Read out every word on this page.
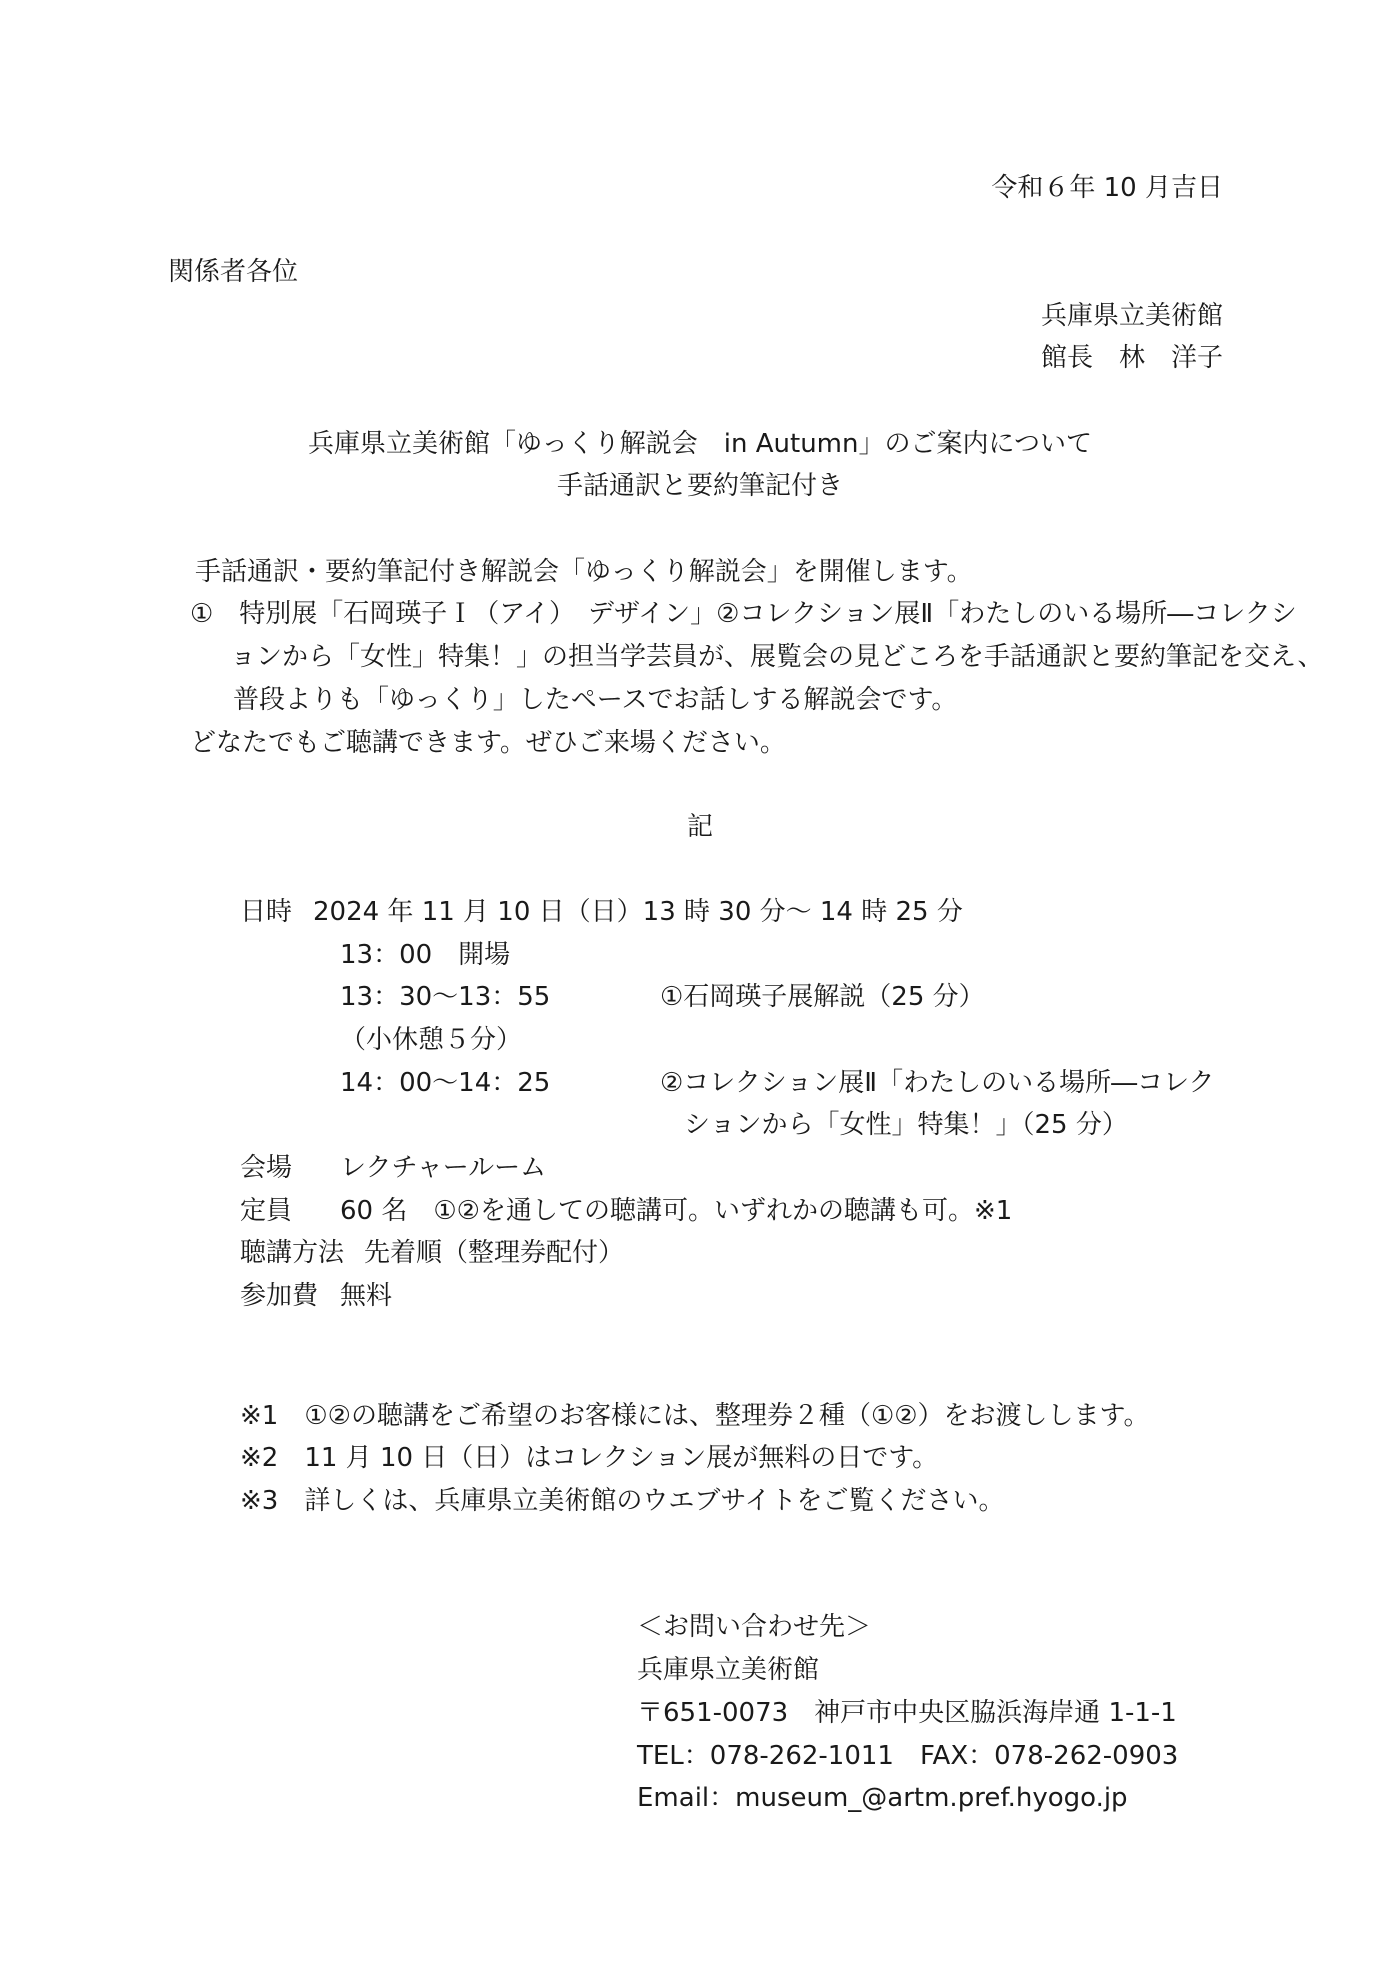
令和６年 10 月吉日
関係者各位
兵庫県立美術館
館長　林　洋子
兵庫県立美術館「ゆっくり解説会　in Autumn」のご案内について
手話通訳と要約筆記付き
手話通訳・要約筆記付き解説会「ゆっくり解説会」を開催します。
①　特別展「石岡瑛子Ｉ（アイ）　デザイン」②コレクション展Ⅱ「わたしのいる場所―コレクシ
ョンから「女性」特集！」の担当学芸員が、展覧会の見どころを手話通訳と要約筆記を交え、
普段よりも「ゆっくり」したペースでお話しする解説会です。
どなたでもご聴講できます。ぜひご来場ください。
記
日時 2024 年 11 月 10 日（日）13 時 30 分～ 14 時 25 分
13：00　開場
13：30～13：55	①石岡瑛子展解説（25 分）
（小休憩５分）
14：00～14：25	②コレクション展Ⅱ「わたしのいる場所―コレク
ションから「女性」特集！」（25 分）
会場 レクチャールーム
定員 60 名　①②を通しての聴講可。いずれかの聴講も可。※1
聴講方法 先着順（整理券配付）
参加費 無料
※1　①②の聴講をご希望のお客様には、整理券２種（①②）をお渡しします。
※2　11 月 10 日（日）はコレクション展が無料の日です。
※3　詳しくは、兵庫県立美術館のウエブサイトをご覧ください。
＜お問い合わせ先＞
兵庫県立美術館
〒651-0073　神戸市中央区脇浜海岸通 1-1-1
TEL：078-262-1011　FAX：078-262-0903
Email：museum_@artm.pref.hyogo.jp
